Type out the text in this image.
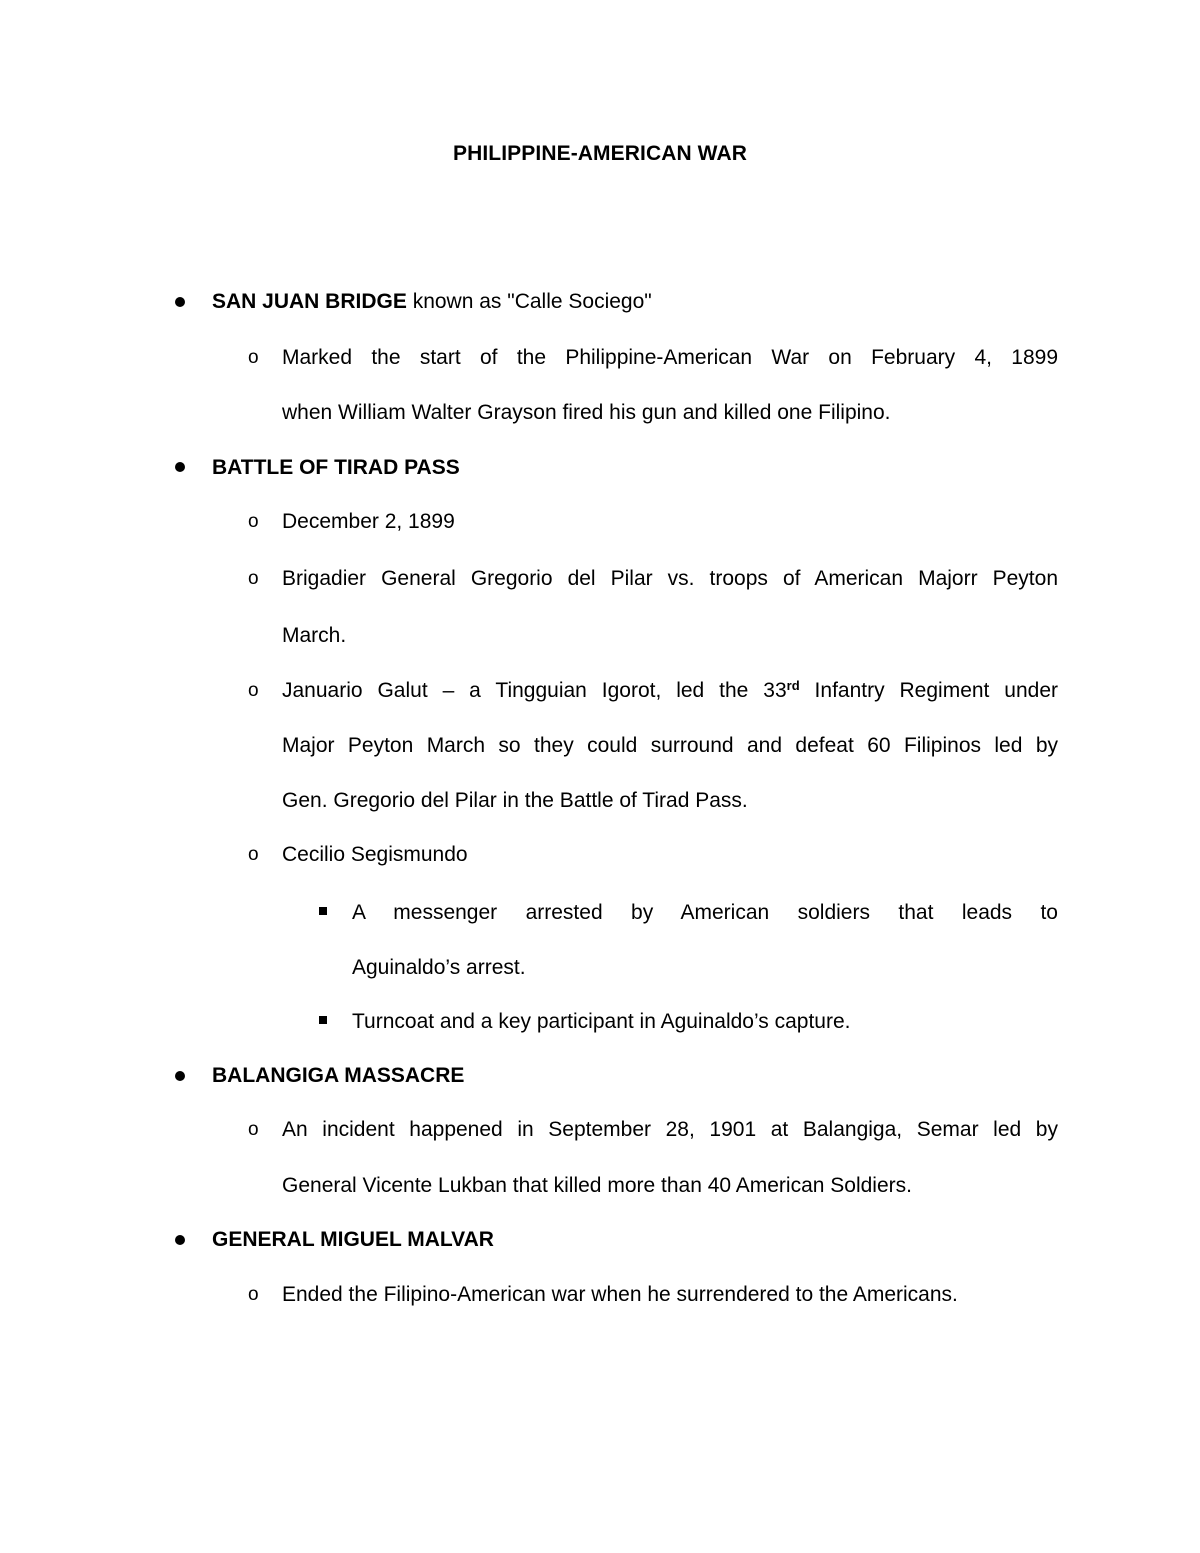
PHILIPPINE-AMERICAN WAR
SAN JUAN BRIDGE known as "Calle Sociego"
o Marked the start of the Philippine-American War on February 4, 1899
when William Walter Grayson fired his gun and killed one Filipino.
BATTLE OF TIRAD PASS
o December 2, 1899
o Brigadier General Gregorio del Pilar vs. troops of American Majorr Peyton
March.
o Januario Galut – a Tingguian Igorot, led the 33rd Infantry Regiment under
Major Peyton March so they could surround and defeat 60 Filipinos led by
Gen. Gregorio del Pilar in the Battle of Tirad Pass.
o Cecilio Segismundo
A messenger arrested by American soldiers that leads to
Aguinaldo’s arrest.
Turncoat and a key participant in Aguinaldo’s capture.
BALANGIGA MASSACRE
o An incident happened in September 28, 1901 at Balangiga, Semar led by
General Vicente Lukban that killed more than 40 American Soldiers.
GENERAL MIGUEL MALVAR
o Ended the Filipino-American war when he surrendered to the Americans.
